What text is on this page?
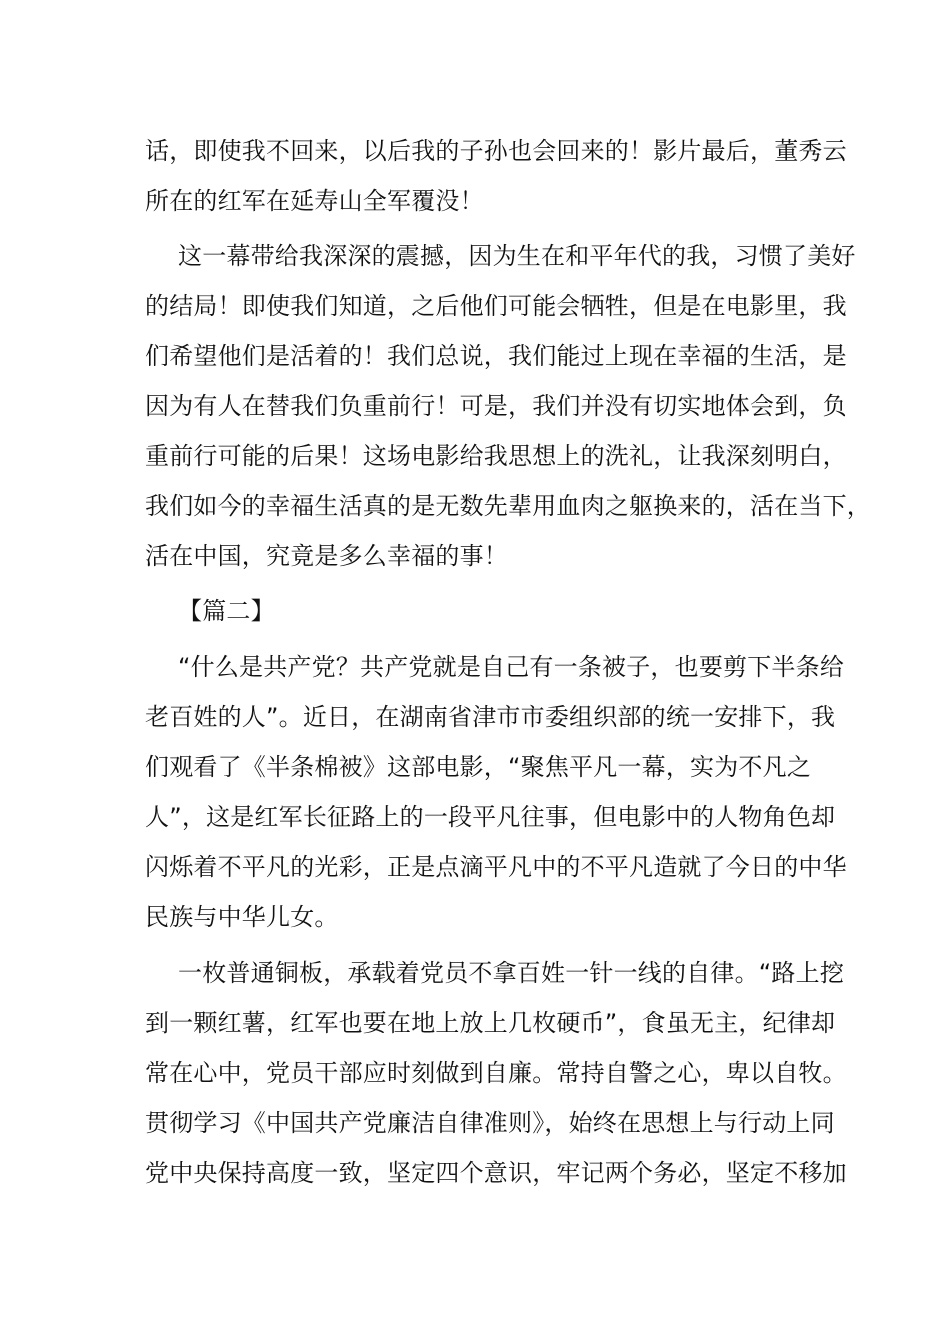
话，即使我不回来，以后我的子孙也会回来的！影片最后，董秀云
所在的红军在延寿山全军覆没！
这一幕带给我深深的震撼，因为生在和平年代的我，习惯了美好
的结局！即使我们知道，之后他们可能会牺牲，但是在电影里，我
们希望他们是活着的！我们总说，我们能过上现在幸福的生活，是
因为有人在替我们负重前行！可是，我们并没有切实地体会到，负
重前行可能的后果！这场电影给我思想上的洗礼，让我深刻明白，
我们如今的幸福生活真的是无数先辈用血肉之躯换来的，活在当下，
活在中国，究竟是多么幸福的事！
【篇二】
“什么是共产党？共产党就是自己有一条被子，也要剪下半条给
老百姓的人”。近日，在湖南省津市市委组织部的统一安排下，我
们观看了《半条棉被》这部电影，“聚焦平凡一幕，实为不凡之
人”，这是红军长征路上的一段平凡往事，但电影中的人物角色却
闪烁着不平凡的光彩，正是点滴平凡中的不平凡造就了今日的中华
民族与中华儿女。
一枚普通铜板，承载着党员不拿百姓一针一线的自律。“路上挖
到一颗红薯，红军也要在地上放上几枚硬币”，食虽无主，纪律却
常在心中，党员干部应时刻做到自廉。常持自警之心，卑以自牧。
贯彻学习《中国共产党廉洁自律准则》，始终在思想上与行动上同
党中央保持高度一致，坚定四个意识，牢记两个务必，坚定不移加
